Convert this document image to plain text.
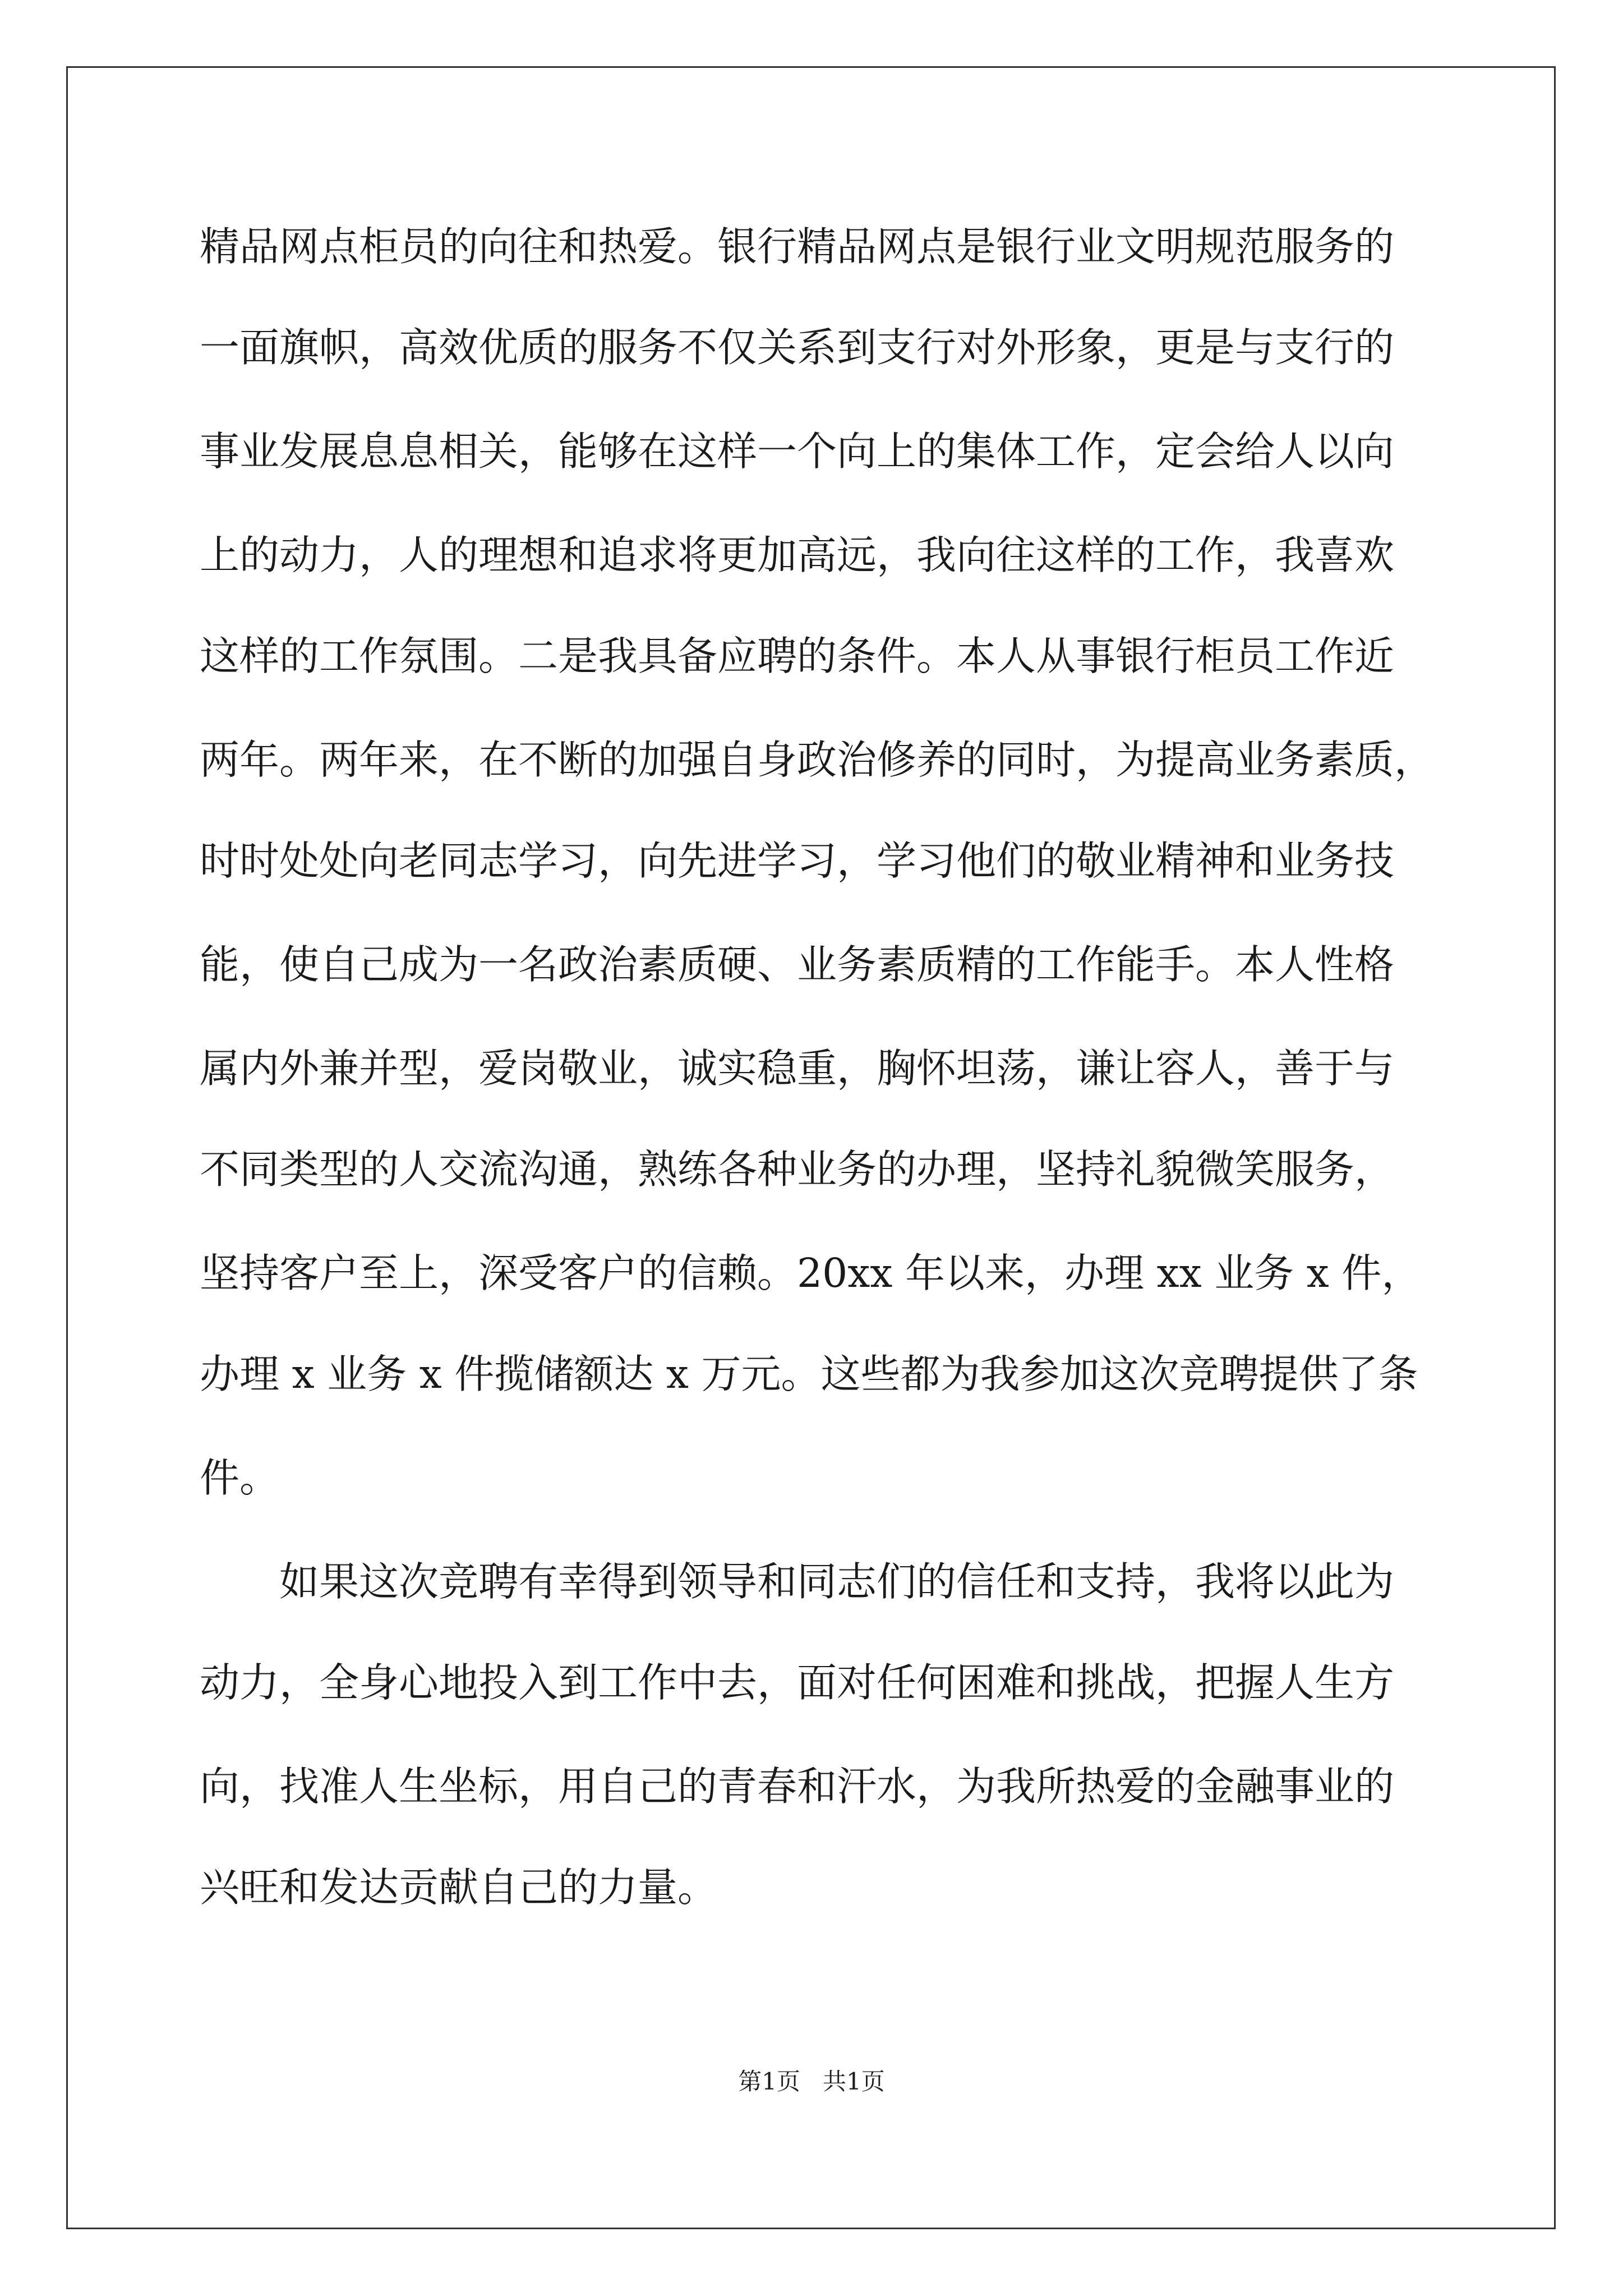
精品网点柜员的向往和热爱。银行精品网点是银行业文明规范服务的
一面旗帜，高效优质的服务不仅关系到支行对外形象，更是与支行的
事业发展息息相关，能够在这样一个向上的集体工作，定会给人以向
上的动力，人的理想和追求将更加高远，我向往这样的工作，我喜欢
这样的工作氛围。二是我具备应聘的条件。本人从事银行柜员工作近
两年。两年来，在不断的加强自身政治修养的同时，为提高业务素质，
时时处处向老同志学习，向先进学习，学习他们的敬业精神和业务技
能，使自己成为一名政治素质硬、业务素质精的工作能手。本人性格
属内外兼并型，爱岗敬业，诚实稳重，胸怀坦荡，谦让容人，善于与
不同类型的人交流沟通，熟练各种业务的办理，坚持礼貌微笑服务，
坚持客户至上，深受客户的信赖。20xx 年以来，办理 xx 业务 x 件，
办理 x 业务 x 件揽储额达 x 万元。这些都为我参加这次竞聘提供了条
件。
如果这次竞聘有幸得到领导和同志们的信任和支持，我将以此为
动力，全身心地投入到工作中去，面对任何困难和挑战，把握人生方
向，找准人生坐标，用自己的青春和汗水，为我所热爱的金融事业的
兴旺和发达贡献自己的力量。
第1页   共1页
